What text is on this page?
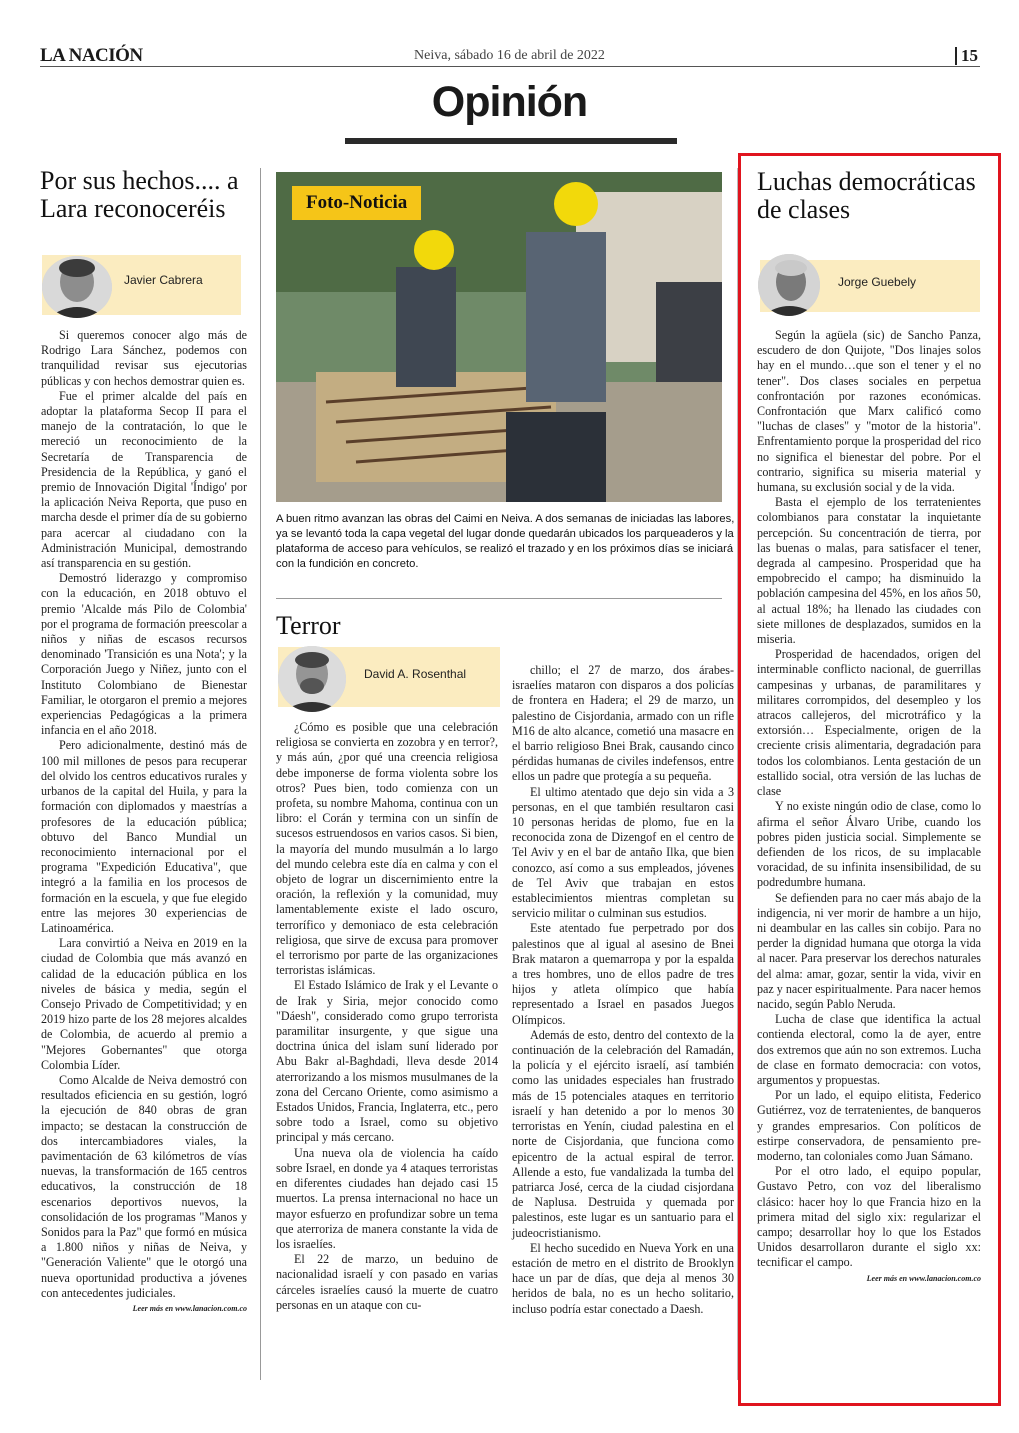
LA NACIÓN	Neiva, sábado 16 de abril de 2022	15
Opinión
Por sus hechos.... a Lara reconoceréis
Javier Cabrera

Si queremos conocer algo más de Rodrigo Lara Sánchez, podemos con tranquilidad revisar sus ejecutorias públicas y con hechos demostrar quien es.

Fue el primer alcalde del país en adoptar la plataforma Secop II para el manejo de la contratación, lo que le mereció un reconocimiento de la Secretaría de Transparencia de Presidencia de la República, y ganó el premio de Innovación Digital 'Índigo' por la aplicación Neiva Reporta, que puso en marcha desde el primer día de su gobierno para acercar al ciudadano con la Administración Municipal, demostrando así transparencia en su gestión.

Demostró liderazgo y compromiso con la educación, en 2018 obtuvo el premio 'Alcalde más Pilo de Colombia' por el programa de formación preescolar a niños y niñas de escasos recursos denominado 'Transición es una Nota'; y la Corporación Juego y Niñez, junto con el Instituto Colombiano de Bienestar Familiar, le otorgaron el premio a mejores experiencias Pedagógicas a la primera infancia en el año 2018.

Pero adicionalmente, destinó más de 100 mil millones de pesos para recuperar del olvido los centros educativos rurales y urbanos de la capital del Huila, y para la formación con diplomados y maestrías a profesores de la educación pública; obtuvo del Banco Mundial un reconocimiento internacional por el programa "Expedición Educativa", que integró a la familia en los procesos de formación en la escuela, y que fue elegido entre las mejores 30 experiencias de Latinoamérica.

Lara convirtió a Neiva en 2019 en la ciudad de Colombia que más avanzó en calidad de la educación pública en los niveles de básica y media, según el Consejo Privado de Competitividad; y en 2019 hizo parte de los 28 mejores alcaldes de Colombia, de acuerdo al premio a "Mejores Gobernantes" que otorga Colombia Líder.

Como Alcalde de Neiva demostró con resultados eficiencia en su gestión, logró la ejecución de 840 obras de gran impacto; se destacan la construcción de dos intercambiadores viales, la pavimentación de 63 kilómetros de vías nuevas, la transformación de 165 centros educativos, la construcción de 18 escenarios deportivos nuevos, la consolidación de los programas "Manos y Sonidos para la Paz" que formó en música a 1.800 niños y niñas de Neiva, y "Generación Valiente" que le otorgó una nueva oportunidad productiva a jóvenes con antecedentes judiciales.

Leer más en www.lanacion.com.co
Foto-Noticia
A buen ritmo avanzan las obras del Caimi en Neiva. A dos semanas de iniciadas las labores, ya se levantó toda la capa vegetal del lugar donde quedarán ubicados los parqueaderos y la plataforma de acceso para vehículos, se realizó el trazado y en los próximos días se iniciará con la fundición en concreto.
Terror
David A. Rosenthal

¿Cómo es posible que una celebración religiosa se convierta en zozobra y en terror?, y más aún, ¿por qué una creencia religiosa debe imponerse de forma violenta sobre los otros? Pues bien, todo comienza con un profeta, su nombre Mahoma, continua con un libro: el Corán y termina con un sinfín de sucesos estruendosos en varios casos. Si bien, la mayoría del mundo musulmán a lo largo del mundo celebra este día en calma y con el objeto de lograr un discernimiento entre la oración, la reflexión y la comunidad, muy lamentablemente existe el lado oscuro, terrorífico y demoniaco de esta celebración religiosa, que sirve de excusa para promover el terrorismo por parte de las organizaciones terroristas islámicas.

El Estado Islámico de Irak y el Levante o de Irak y Siria, mejor conocido como "Dáesh", considerado como grupo terrorista paramilitar insurgente, y que sigue una doctrina única del islam suní liderado por Abu Bakr al-Baghdadi, lleva desde 2014 aterrorizando a los mismos musulmanes de la zona del Cercano Oriente, como asimismo a Estados Unidos, Francia, Inglaterra, etc., pero sobre todo a Israel, como su objetivo principal y más cercano.

Una nueva ola de violencia ha caído sobre Israel, en donde ya 4 ataques terroristas en diferentes ciudades han dejado casi 15 muertos. La prensa internacional no hace un mayor esfuerzo en profundizar sobre un tema que aterroriza de manera constante la vida de los israelíes.

El 22 de marzo, un beduino de nacionalidad israelí y con pasado en varias cárceles israelíes causó la muerte de cuatro personas en un ataque con cu-

chillo; el 27 de marzo, dos árabes-israelíes mataron con disparos a dos policías de frontera en Hadera; el 29 de marzo, un palestino de Cisjordania, armado con un rifle M16 de alto alcance, cometió una masacre en el barrio religioso Bnei Brak, causando cinco pérdidas humanas de civiles indefensos, entre ellos un padre que protegía a su pequeña.

El ultimo atentado que dejo sin vida a 3 personas, en el que también resultaron casi 10 personas heridas de plomo, fue en la reconocida zona de Dizengof en el centro de Tel Aviv y en el bar de antaño Ilka, que bien conozco, así como a sus empleados, jóvenes de Tel Aviv que trabajan en estos establecimientos mientras completan su servicio militar o culminan sus estudios.

Este atentado fue perpetrado por dos palestinos que al igual al asesino de Bnei Brak mataron a quemarropa y por la espalda a tres hombres, uno de ellos padre de tres hijos y atleta olímpico que había representado a Israel en pasados Juegos Olímpicos.

Además de esto, dentro del contexto de la continuación de la celebración del Ramadán, la policía y el ejército israelí, así también como las unidades especiales han frustrado más de 15 potenciales ataques en territorio israelí y han detenido a por lo menos 30 terroristas en Yenín, ciudad palestina en el norte de Cisjordania, que funciona como epicentro de la actual espiral de terror. Allende a esto, fue vandalizada la tumba del patriarca José, cerca de la ciudad cisjordana de Naplusa. Destruida y quemada por palestinos, este lugar es un santuario para el judeocristianismo.

El hecho sucedido en Nueva York en una estación de metro en el distrito de Brooklyn hace un par de días, que deja al menos 30 heridos de bala, no es un hecho solitario, incluso podría estar conectado a Daesh.

Luchas democráticas de clases
Jorge Guebely

Según la agüela (sic) de Sancho Panza, escudero de don Quijote, "Dos linajes solos hay en el mundo…que son el tener y el no tener". Dos clases sociales en perpetua confrontación por razones económicas. Confrontación que Marx calificó como "luchas de clases" y "motor de la historia". Enfrentamiento porque la prosperidad del rico no significa el bienestar del pobre. Por el contrario, significa su miseria material y humana, su exclusión social y de la vida.

Basta el ejemplo de los terratenientes colombianos para constatar la inquietante percepción. Su concentración de tierra, por las buenas o malas, para satisfacer el tener, degrada al campesino. Prosperidad que ha empobrecido el campo; ha disminuido la población campesina del 45%, en los años 50, al actual 18%; ha llenado las ciudades con siete millones de desplazados, sumidos en la miseria.

Prosperidad de hacendados, origen del interminable conflicto nacional, de guerrillas campesinas y urbanas, de paramilitares y militares corrompidos, del desempleo y los atracos callejeros, del microtráfico y la extorsión… Especialmente, origen de la creciente crisis alimentaria, degradación para todos los colombianos. Lenta gestación de un estallido social, otra versión de las luchas de clase

Y no existe ningún odio de clase, como lo afirma el señor Álvaro Uribe, cuando los pobres piden justicia social. Simplemente se defienden de los ricos, de su implacable voracidad, de su infinita insensibilidad, de su podredumbre humana.

Se defienden para no caer más abajo de la indigencia, ni ver morir de hambre a un hijo, ni deambular en las calles sin cobijo. Para no perder la dignidad humana que otorga la vida al nacer. Para preservar los derechos naturales del alma: amar, gozar, sentir la vida, vivir en paz y nacer espiritualmente. Para nacer hemos nacido, según Pablo Neruda.

Lucha de clase que identifica la actual contienda electoral, como la de ayer, entre dos extremos que aún no son extremos. Lucha de clase en formato democracia: con votos, argumentos y propuestas.

Por un lado, el equipo elitista, Federico Gutiérrez, voz de terratenientes, de banqueros y grandes empresarios. Con políticos de estirpe conservadora, de pensamiento pre-moderno, tan coloniales como Juan Sámano.

Por el otro lado, el equipo popular, Gustavo Petro, con voz del liberalismo clásico: hacer hoy lo que Francia hizo en la primera mitad del siglo xix: regularizar el campo; desarrollar hoy lo que los Estados Unidos desarrollaron durante el siglo xx: tecnificar el campo.

Leer más en www.lanacion.com.co
